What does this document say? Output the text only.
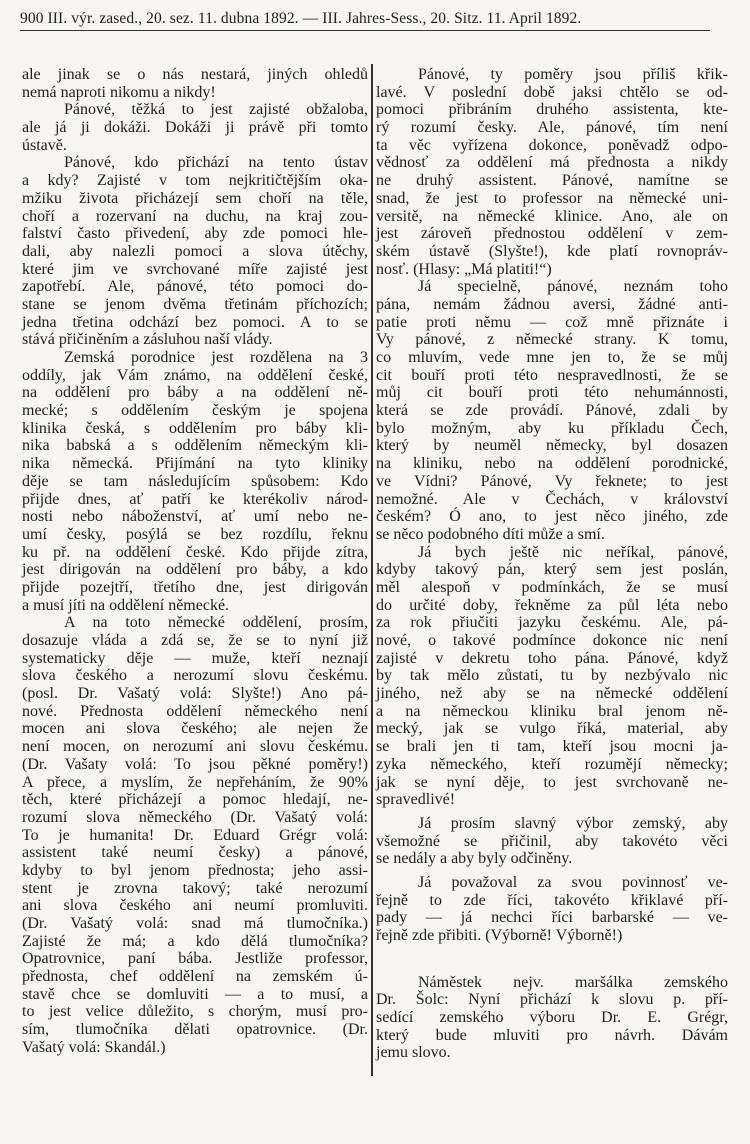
900 III. výr. zased., 20. sez. 11. dubna 1892. — III. Jahres-Sess., 20. Sitz. 11. April 1892.
ale jinak se o nás nestará, jiných ohledů
nemá naproti nikomu a nikdy!
Pánové, těžká to jest zajisté obžaloba,
ale já ji dokáži. Dokáži ji právě při tomto
ústavě.
Pánové, kdo přichází na tento ústav
a kdy? Zajisté v tom nejkritičtějším oka-
mžiku života přicházejí sem choří na těle,
choří a rozervaní na duchu, na kraj zou-
falství často přivedení, aby zde pomoci hle-
dali, aby nalezli pomoci a slova útěchy,
které jim ve svrchované míře zajisté jest
zapotřebí. Ale, pánové, této pomoci do-
stane se jenom dvěma třetinám příchozích;
jedna třetina odchází bez pomoci. A to se
stává přičiněním a zásluhou naší vlády.
Zemská porodnice jest rozdělena na 3
oddíly, jak Vám známo, na oddělení české,
na oddělení pro báby a na oddělení ně-
mecké; s oddělením českým je spojena
klinika česká, s oddělením pro báby kli-
nika babská a s oddělením německým kli-
nika německá. Přijímání na tyto kliniky
děje se tam následujícím spůsobem: Kdo
přijde dnes, ať patří ke kterékoliv národ-
nosti nebo náboženství, ať umí nebo ne-
umí česky, posýlá se bez rozdílu, řeknu
ku př. na oddělení české. Kdo přijde zítra,
jest dirigován na oddělení pro báby, a kdo
přijde pozejtří, třetího dne, jest dirigován
a musí jíti na oddělení německé.
A na toto německé oddělení, prosím,
dosazuje vláda a zdá se, že se to nyní již
systematicky děje — muže, kteří neznají
slova českého a nerozumí slovu českému.
(posl. Dr. Vašatý volá: Slyšte!) Ano pá-
nové. Přednosta oddělení německého není
mocen ani slova českého; ale nejen že
není mocen, on nerozumí ani slovu českému.
(Dr. Vašaty volá: To jsou pěkné poměry!)
A přece, a myslím, že nepřeháním, že 90%
těch, které přicházejí a pomoc hledají, ne-
rozumí slova německého (Dr. Vašatý volá:
To je humanita! Dr. Eduard Grégr volá:
assistent také neumí česky) a pánové,
kdyby to byl jenom přednosta; jeho assi-
stent je zrovna takový; také nerozumí
ani slova českého ani neumí promluviti.
(Dr. Vašatý volá: snad má tlumočníka.)
Zajisté že má; a kdo dělá tlumočníka?
Opatrovnice, paní bába. Jestliže professor,
přednosta, chef oddělení na zemském ú-
stavě chce se domluviti — a to musí, a
to jest velice důležito, s chorým, musí pro-
sím, tlumočníka dělati opatrovnice. (Dr.
Vašatý volá: Skandál.)
Pánové, ty poměry jsou příliš křik-
lavé. V poslední době jaksi chtělo se od-
pomoci přibráním druhého assistenta, kte-
rý rozumí česky. Ale, pánové, tím není
ta věc vyřízena dokonce, poněvadž odpo-
vědnosť za oddělení má přednosta a nikdy
ne druhý assistent. Pánové, namítne se
snad, že jest to professor na německé uni-
versitě, na německé klinice. Ano, ale on
jest zároveň přednostou oddělení v zem-
ském ústavě (Slyšte!), kde platí rovnopráv-
nosť. (Hlasy: „Má platiti!“)
Já specielně, pánové, neznám toho
pána, nemám žádnou aversi, žádné anti-
patie proti němu — což mně přiznáte i
Vy pánové, z německé strany. K tomu,
co mluvím, vede mne jen to, že se můj
cit bouří proti této nespravedlnosti, že se
můj cit bouří proti této nehumánnosti,
která se zde provádí. Pánové, zdali by
bylo možným, aby ku příkladu Čech,
který by neuměl německy, byl dosazen
na kliniku, nebo na oddělení porodnické,
ve Vídni? Pánové, Vy řeknete; to jest
nemožné. Ale v Čechách, v království
českém? Ó ano, to jest něco jiného, zde
se něco podobného díti může a smí.
Já bych ještě nic neříkal, pánové,
kdyby takový pán, který sem jest poslán,
měl alespoň v podmínkách, že se musí
do určité doby, řekněme za půl léta nebo
za rok přiučiti jazyku českému. Ale, pá-
nové, o takové podmínce dokonce nic není
zajisté v dekretu toho pána. Pánové, když
by tak mělo zůstati, tu by nezbývalo nic
jiného, než aby se na německé oddělení
a na německou kliniku bral jenom ně-
mecký, jak se vulgo říká, material, aby
se brali jen ti tam, kteří jsou mocni ja-
zyka německého, kteří rozumějí německy;
jak se nyní děje, to jest svrchovaně ne-
spravedlivé!
Já prosím slavný výbor zemský, aby
všemožné se přičinil, aby takovéto věci
se nedály a aby byly odčiněny.
Já považoval za svou povinnosť ve-
řejně to zde říci, takovéto křiklavé pří-
pady — já nechci říci barbarské — ve-
řejně zde přibiti. (Výborně! Výborně!)
Náměstek nejv. maršálka zemského
Dr. Šolc: Nyní přichází k slovu p. pří-
sedící zemského výboru Dr. E. Grégr,
který bude mluviti pro návrh. Dávám
jemu slovo.
